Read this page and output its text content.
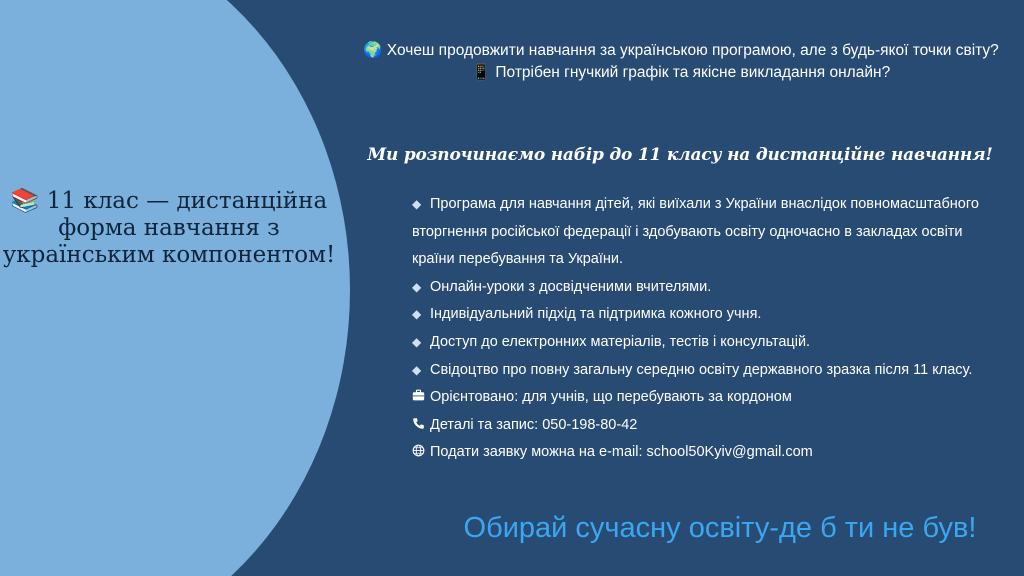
📚 11 клас — дистанційна форма навчання з українським компонентом!

🌍 Хочеш продовжити навчання за українською програмою, але з будь-якої точки світу?

📱 Потрібен гнучкий графік та якісне викладання онлайн?

Ми розпочинаємо набір до 11 класу на дистанційне навчання!

◆ Програма для навчання дітей, які виїхали з України внаслідок повномасштабного вторгнення російської федерації і здобувають освіту одночасно в закладах освіти країни перебування та України.

◆ Онлайн-уроки з досвідченими вчителями.

◆ Індивідуальний підхід та підтримка кожного учня.

◆ Доступ до електронних матеріалів, тестів і консультацій.

◆ Свідоцтво про повну загальну середню освіту державного зразка після 11 класу.

Орієнтовано: для учнів, що перебувають за кордоном

Деталі та запис: 050-198-80-42

Подати заявку можна на e-mail: school50Kyiv@gmail.com

Обирай сучасну освіту-де б ти не був!
